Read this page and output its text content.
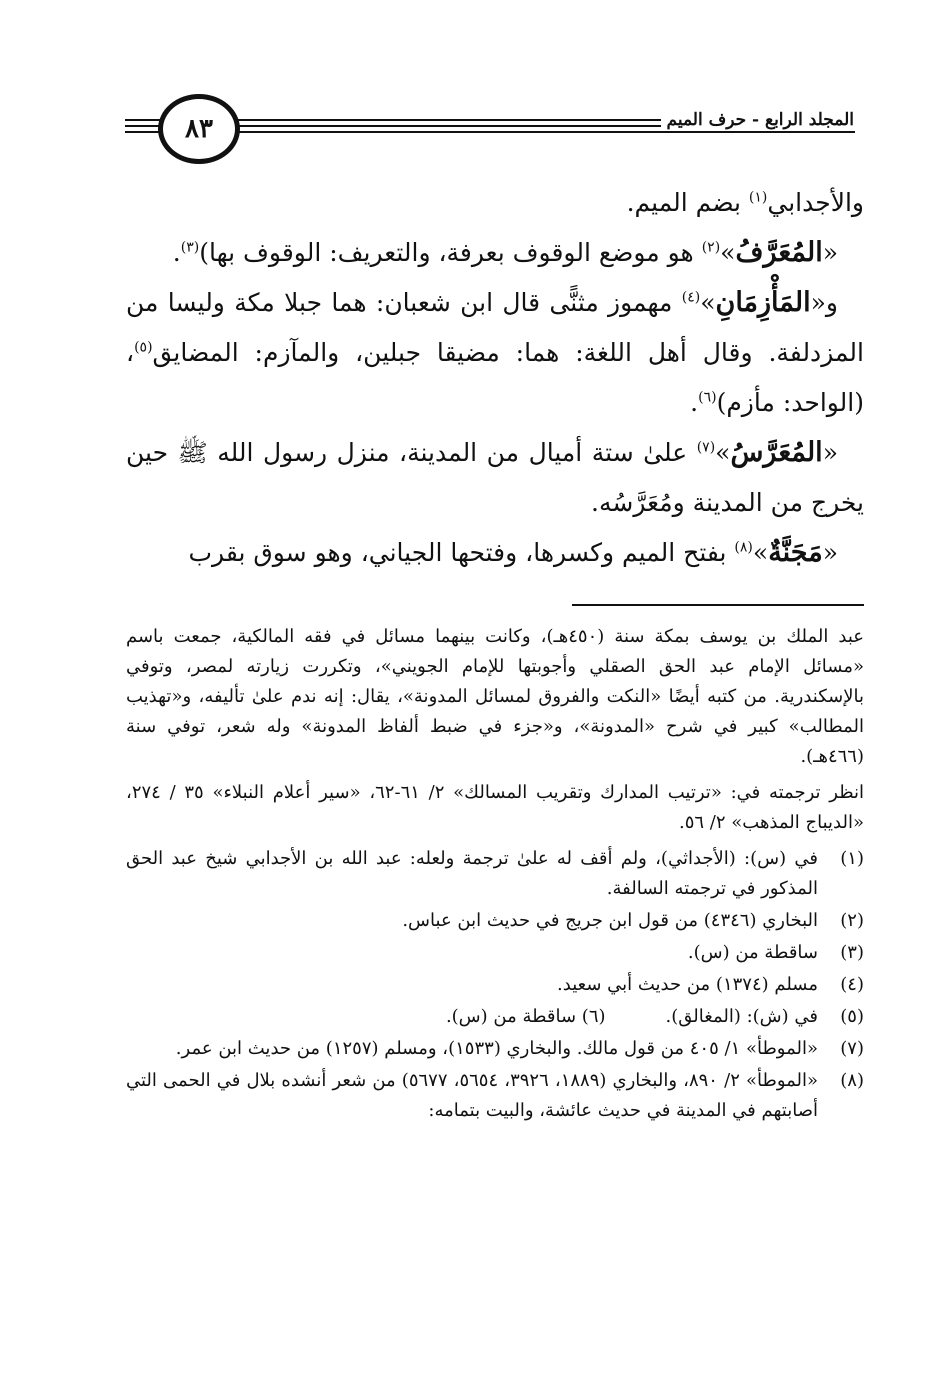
٨٣	المجلد الرابع - حرف الميم

والأجدابي$^{(١)}$ بضم الميم.

«المُعَرَّفُ»$^{(٢)}$ هو موضع الوقوف بعرفة، والتعريف: الوقوف بها)$^{(٣)}$.

و«المَأْزِمَانِ»$^{(٤)}$ مهموز مثنًّى قال ابن شعبان: هما جبلا مكة وليسا من المزدلفة. وقال أهل اللغة: هما: مضيقا جبلين، والمآزم: المضايق$^{(٥)}$، (الواحد: مأزم)$^{(٦)}$.

«المُعَرَّسُ»$^{(٧)}$ علىٰ ستة أميال من المدينة، منزل رسول الله ﷺ حين يخرج من المدينة ومُعَرَّسُه.

«مَجَنَّةٌ»$^{(٨)}$ بفتح الميم وكسرها، وفتحها الجياني، وهو سوق بقرب

عبد الملك بن يوسف بمكة سنة (٤٥٠هـ)، وكانت بينهما مسائل في فقه المالكية، جمعت باسم «مسائل الإمام عبد الحق الصقلي وأجوبتها للإمام الجويني»، وتكررت زيارته لمصر، وتوفي بالإسكندرية. من كتبه أيضًا «النكت والفروق لمسائل المدونة»، يقال: إنه ندم علىٰ تأليفه، و«تهذيب المطالب» كبير في شرح «المدونة»، و«جزء في ضبط ألفاظ المدونة» وله شعر، توفي سنة (٤٦٦هـ).

انظر ترجمته في: «ترتيب المدارك وتقريب المسالك» ٢/ ٦١-٦٢، «سير أعلام النبلاء» ٣٥ / ٢٧٤، «الديباج المذهب» ٢/ ٥٦.

(١)
في (س): (الأجداثي)، ولم أقف له علىٰ ترجمة ولعله: عبد الله بن الأجدابي شيخ عبد الحق المذكور في ترجمته السالفة.
(٢)
البخاري (٤٣٤٦) من قول ابن جريج في حديث ابن عباس.
(٣)
ساقطة من (س).
(٤)
مسلم (١٣٧٤) من حديث أبي سعيد.
(٥)
في (ش): (المغالق).(٦) ساقطة من (س).
(٧)
«الموطأ» ١/ ٤٠٥ من قول مالك. والبخاري (١٥٣٣)، ومسلم (١٢٥٧) من حديث ابن عمر.
(٨)
«الموطأ» ٢/ ٨٩٠، والبخاري (١٨٨٩، ٣٩٢٦، ٥٦٥٤، ٥٦٧٧) من شعر أنشده بلال في الحمى التي أصابتهم في المدينة في حديث عائشة، والبيت بتمامه:
